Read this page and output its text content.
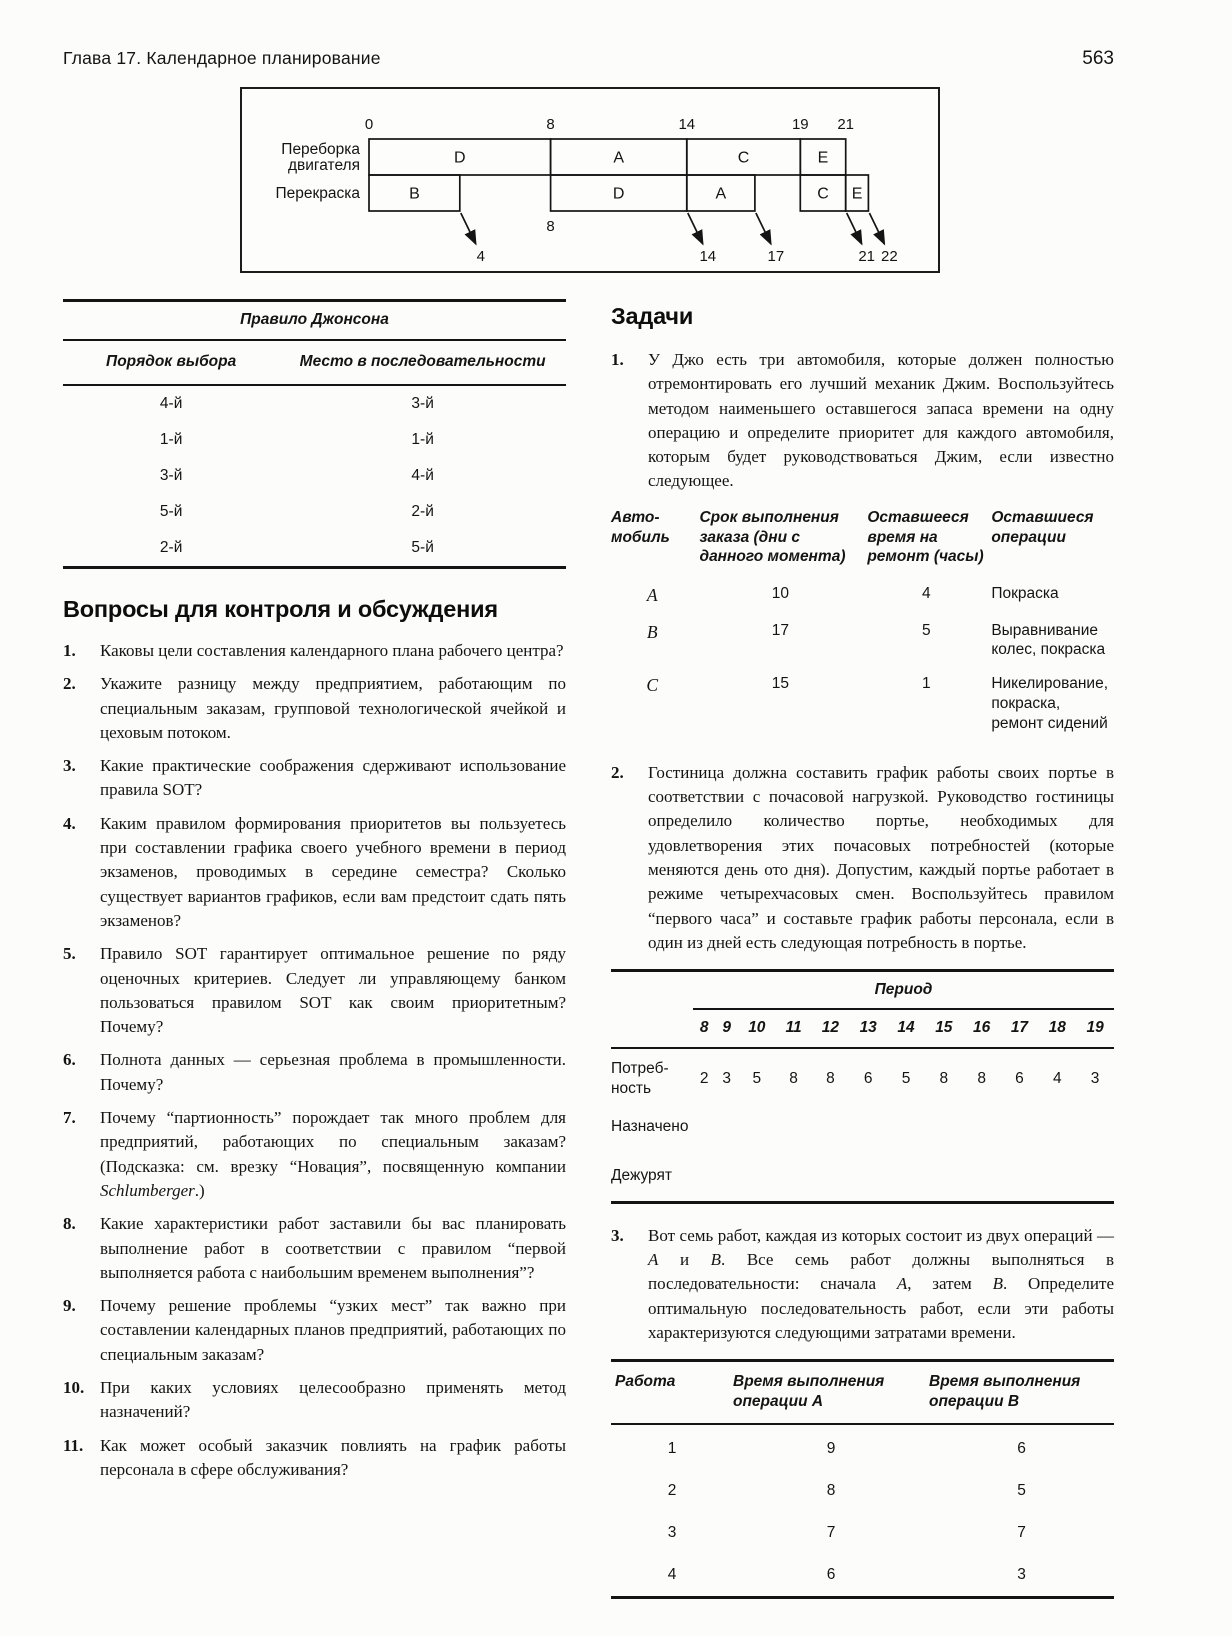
Глава 17. Календарное планирование	563
0	8	14	19 21
Переборка
двигателя	D	A	C	E
Перекраска	B	D	A	C E
8
4	14	17	21 22
Правило Джонсона	
Порядок выбора	Место в последовательности
4-й	3-й
1-й	1-й
3-й	4-й
5-й	2-й
2-й	5-й
Вопросы для контроля и обсуждения
1.	Каковы цели составления календарного плана рабочего центра?
2.	Укажите разницу между предприятием, работающим по специальным заказам, групповой технологической ячейкой и цеховым потоком.
3.	Какие практические соображения сдерживают использование правила SOT?
4.	Каким правилом формирования приоритетов вы пользуетесь при составлении графика своего учебного времени в период экзаменов, проводимых в середине семестра? Сколько существует вариантов графиков, если вам предстоит сдать пять экзаменов?
5.	Правило SOT гарантирует оптимальное решение по ряду оценочных критериев. Следует ли управляющему банком пользоваться правилом SOT как своим приоритетным? Почему?
6.	Полнота данных — серьезная проблема в промышленности. Почему?
7.	Почему “партионность” порождает так много проблем для предприятий, работающих по специальным заказам? (Подсказка: см. врезку “Новация”, посвященную компании Schlumberger.)
8.	Какие характеристики работ заставили бы вас планировать выполнение работ в соответствии с правилом “первой выполняется работа с наибольшим временем выполнения”?
9.	Почему решение проблемы “узких мест” так важно при составлении календарных планов предприятий, работающих по специальным заказам?
10. При каких условиях целесообразно применять метод назначений?
11. Как может особый заказчик повлиять на график работы персонала в сфере обслуживания?
Задачи
1.	У Джо есть три автомобиля, которые должен полностью отремонтировать его лучший механик Джим. Воспользуйтесь методом наименьшего оставшегося запаса времени на одну операцию и определите приоритет для каждого автомобиля, которым будет руководствоваться Джим, если известно следующее.
Авто-мобиль	Срок выполнения заказа (дни с данного момента)	Оставшееся время на ремонт (часы)	Оставшиеся операции
A	10	4	Покраска
B	17	5	Выравнивание колес, покраска
C	15	1	Никелирование, покраска, ремонт сидений
2.	Гостиница должна составить график работы своих портье в соответствии с почасовой нагрузкой. Руководство гостиницы определило количество портье, необходимых для удовлетворения этих почасовых потребностей (которые меняются день ото дня). Допустим, каждый портье работает в режиме четырехчасовых смен. Воспользуйтесь правилом “первого часа” и составьте график работы персонала, если в один из дней есть следующая потребность в портье.
	Период											
	8	9	10	11	12	13	14	15	16	17	18	19
Потребность	2	3	5	8	8	6	5	8	8	6	4	3
Назначено												
Дежурят												
3.	Вот семь работ, каждая из которых состоит из двух операций — A и B. Все семь работ должны выполняться в последовательности: сначала A, затем B. Определите оптимальную последовательность работ, если эти работы характеризуются следующими затратами времени.
Работа	Время выполнения операции A	Время выполнения операции B
1	9	6
2	8	5
3	7	7
4	6	3
